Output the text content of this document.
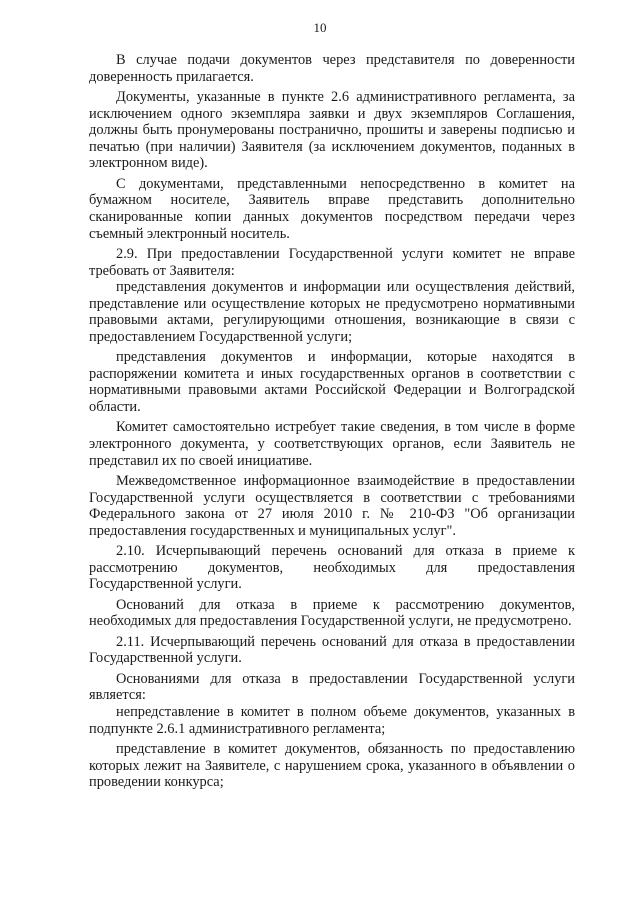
10

В случае подачи документов через представителя по доверенности доверенность прилагается.

Документы, указанные в пункте 2.6 административного регламента, за исключением одного экземпляра заявки и двух экземпляров Соглашения, должны быть пронумерованы постранично, прошиты и заверены подписью и печатью (при наличии) Заявителя (за исключением документов, поданных в электронном виде).

С документами, представленными непосредственно в комитет на бумажном носителе, Заявитель вправе представить дополнительно сканированные копии данных документов посредством передачи через съемный электронный носитель.

2.9. При предоставлении Государственной услуги комитет не вправе требовать от Заявителя:

представления документов и информации или осуществления действий, представление или осуществление которых не предусмотрено нормативными правовыми актами, регулирующими отношения, возникающие в связи с предоставлением Государственной услуги;

представления документов и информации, которые находятся в распоряжении комитета и иных государственных органов в соответствии с нормативными правовыми актами Российской Федерации и Волгоградской области.

Комитет самостоятельно истребует такие сведения, в том числе в форме электронного документа, у соответствующих органов, если Заявитель не представил их по своей инициативе.

Межведомственное информационное взаимодействие в предоставлении Государственной услуги осуществляется в соответствии с требованиями Федерального закона от 27 июля 2010 г. № 210-ФЗ "Об организации предоставления государственных и муниципальных услуг".

2.10. Исчерпывающий перечень оснований для отказа в приеме к рассмотрению документов, необходимых для предоставления Государственной услуги.

Оснований для отказа в приеме к рассмотрению документов, необходимых для предоставления Государственной услуги, не предусмотрено.

2.11. Исчерпывающий перечень оснований для отказа в предоставлении Государственной услуги.

Основаниями для отказа в предоставлении Государственной услуги является:

непредставление в комитет в полном объеме документов, указанных в подпункте 2.6.1 административного регламента;

представление в комитет документов, обязанность по предоставлению которых лежит на Заявителе, с нарушением срока, указанного в объявлении о проведении конкурса;
